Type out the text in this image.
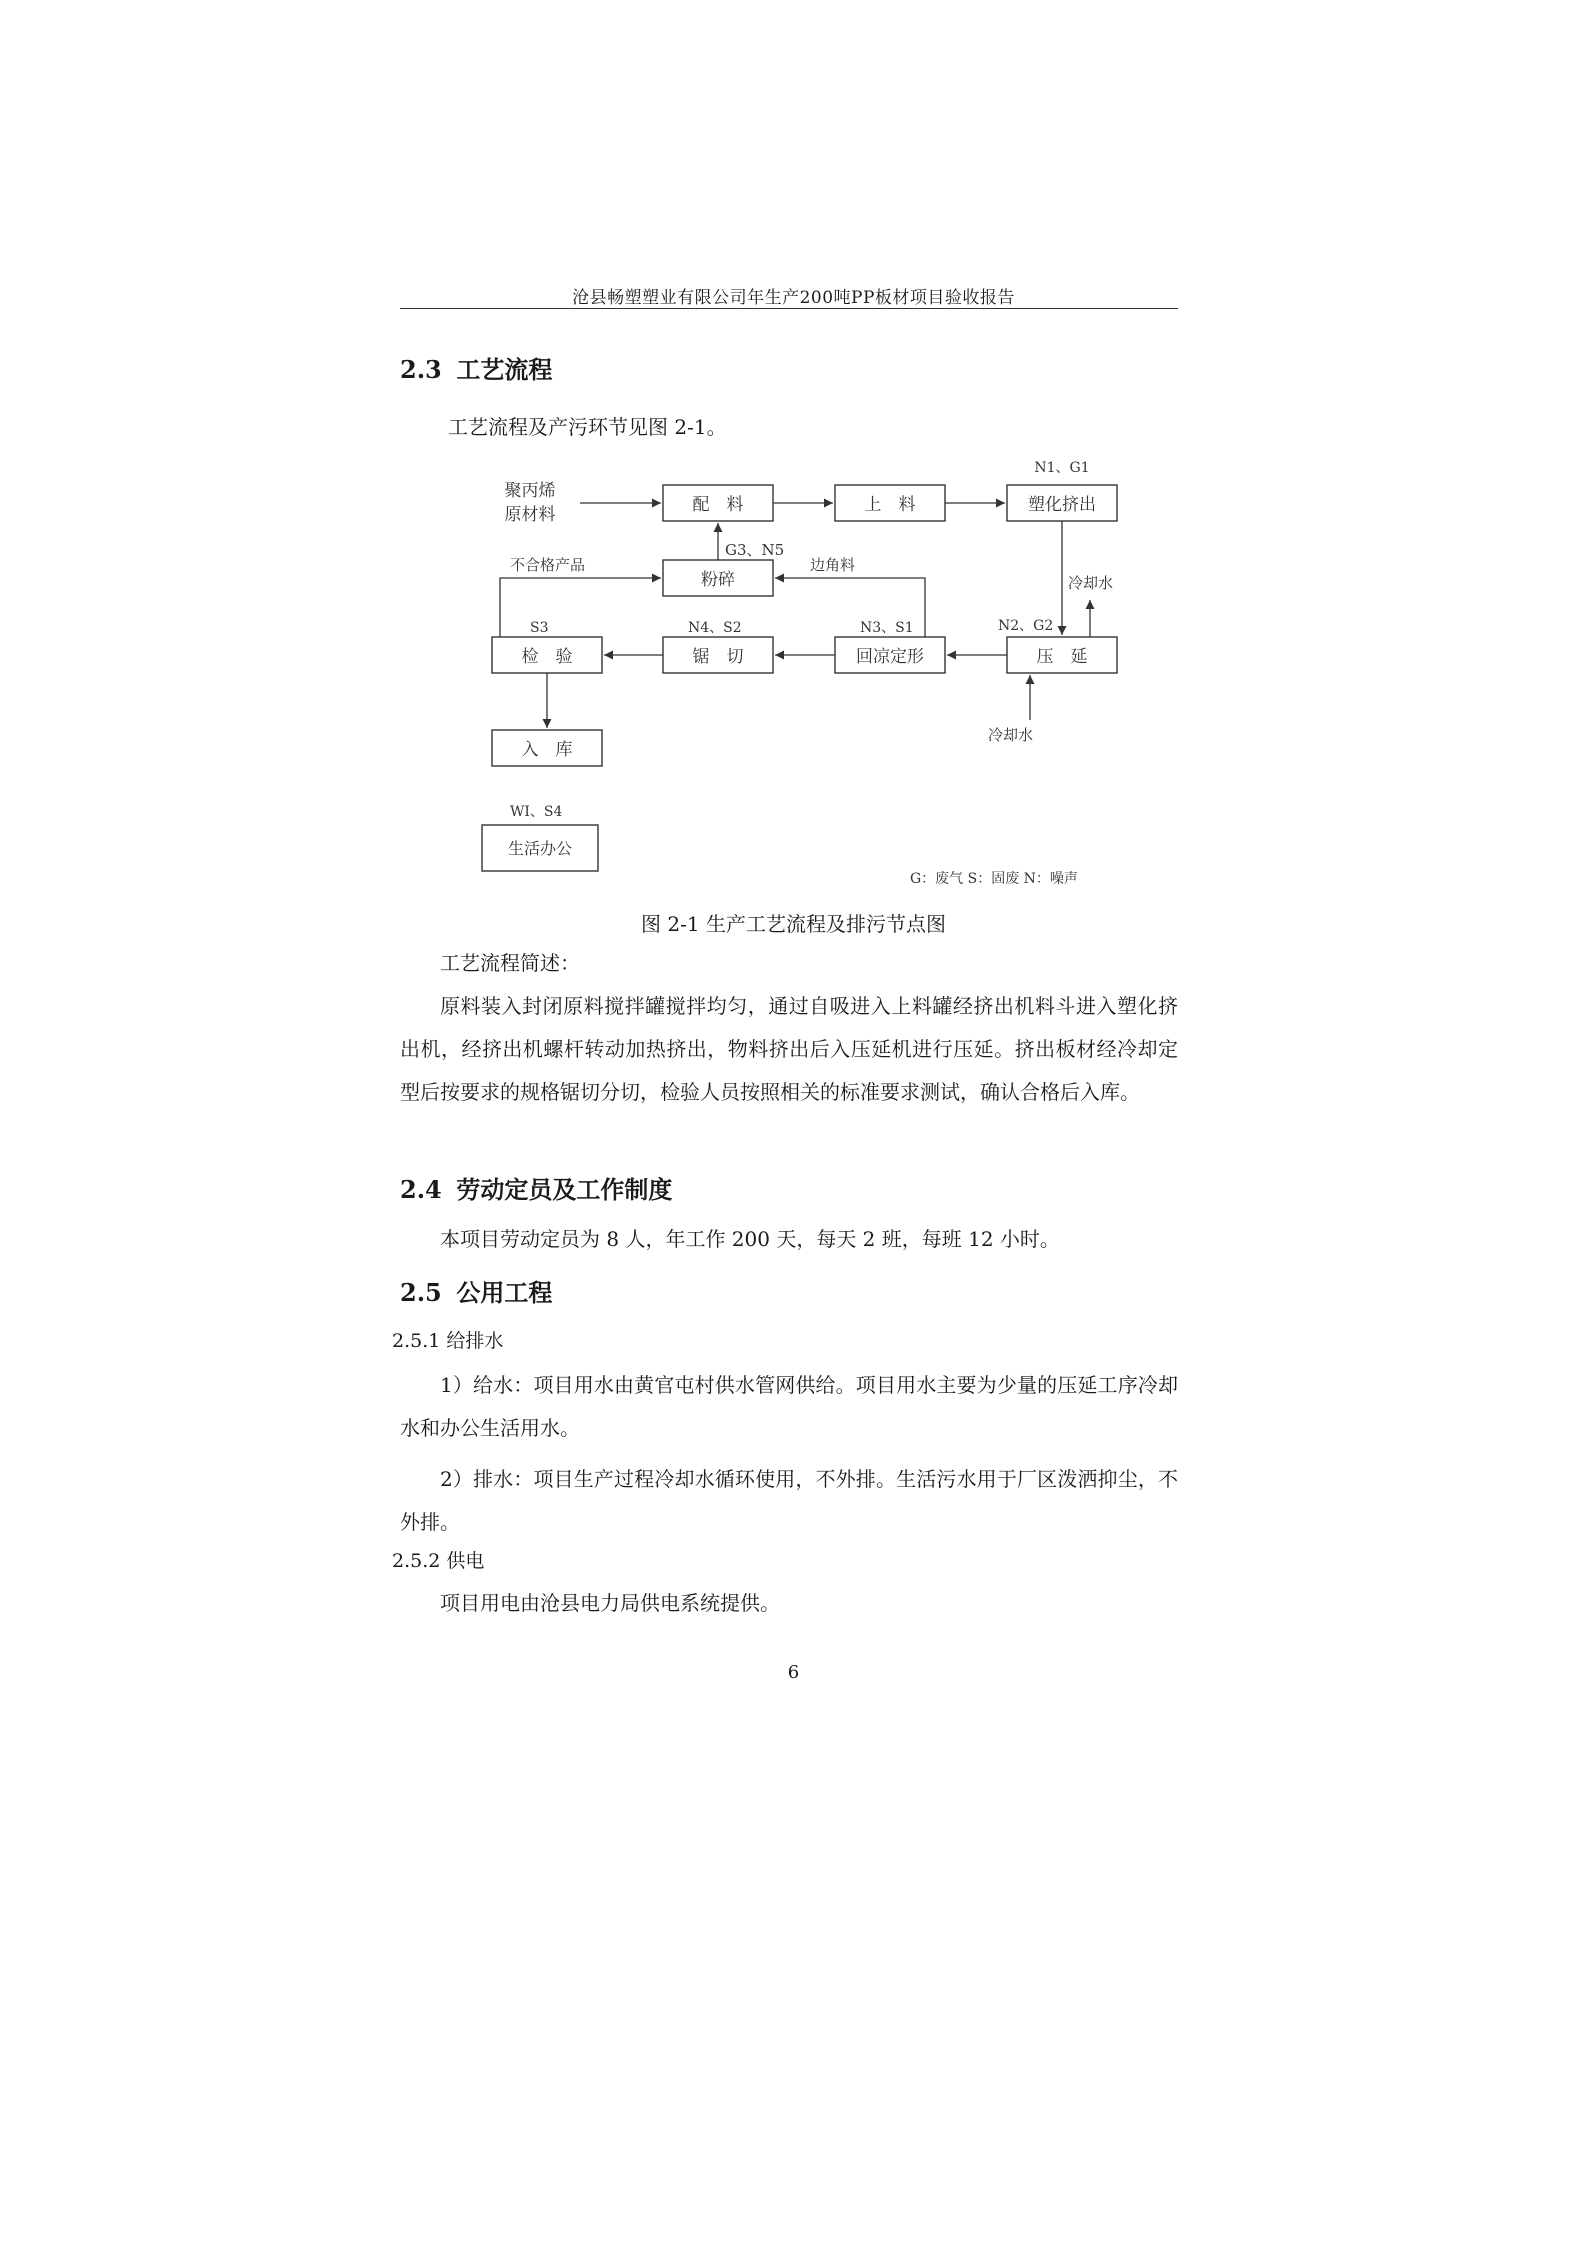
沧县畅塑塑业有限公司年生产200吨PP板材项目验收报告
2.3 工艺流程
工艺流程及产污环节见图 2-1。
聚丙烯
原材料	配　料	上　料	塑化挤出
粉碎
检　验	锯　切	回凉定形	压　延
入　库
生活办公
N1、G1
G3、N5
不合格产品	边角料
冷却水
S3	N4、S2	N3、S1	N2、G2
冷却水
WI、S4
G：废气 S：固废 N：噪声
图 2-1 生产工艺流程及排污节点图
工艺流程简述：
原料装入封闭原料搅拌罐搅拌均匀，通过自吸进入上料罐经挤出机料斗进入塑化挤出机，经挤出机螺杆转动加热挤出，物料挤出后入压延机进行压延。挤出板材经冷却定型后按要求的规格锯切分切，检验人员按照相关的标准要求测试，确认合格后入库。
2.4 劳动定员及工作制度
本项目劳动定员为 8 人，年工作 200 天，每天 2 班，每班 12 小时。
2.5 公用工程
2.5.1 给排水
1）给水：项目用水由黄官屯村供水管网供给。项目用水主要为少量的压延工序冷却水和办公生活用水。
2）排水：项目生产过程冷却水循环使用，不外排。生活污水用于厂区泼洒抑尘，不外排。
2.5.2 供电
项目用电由沧县电力局供电系统提供。
6
